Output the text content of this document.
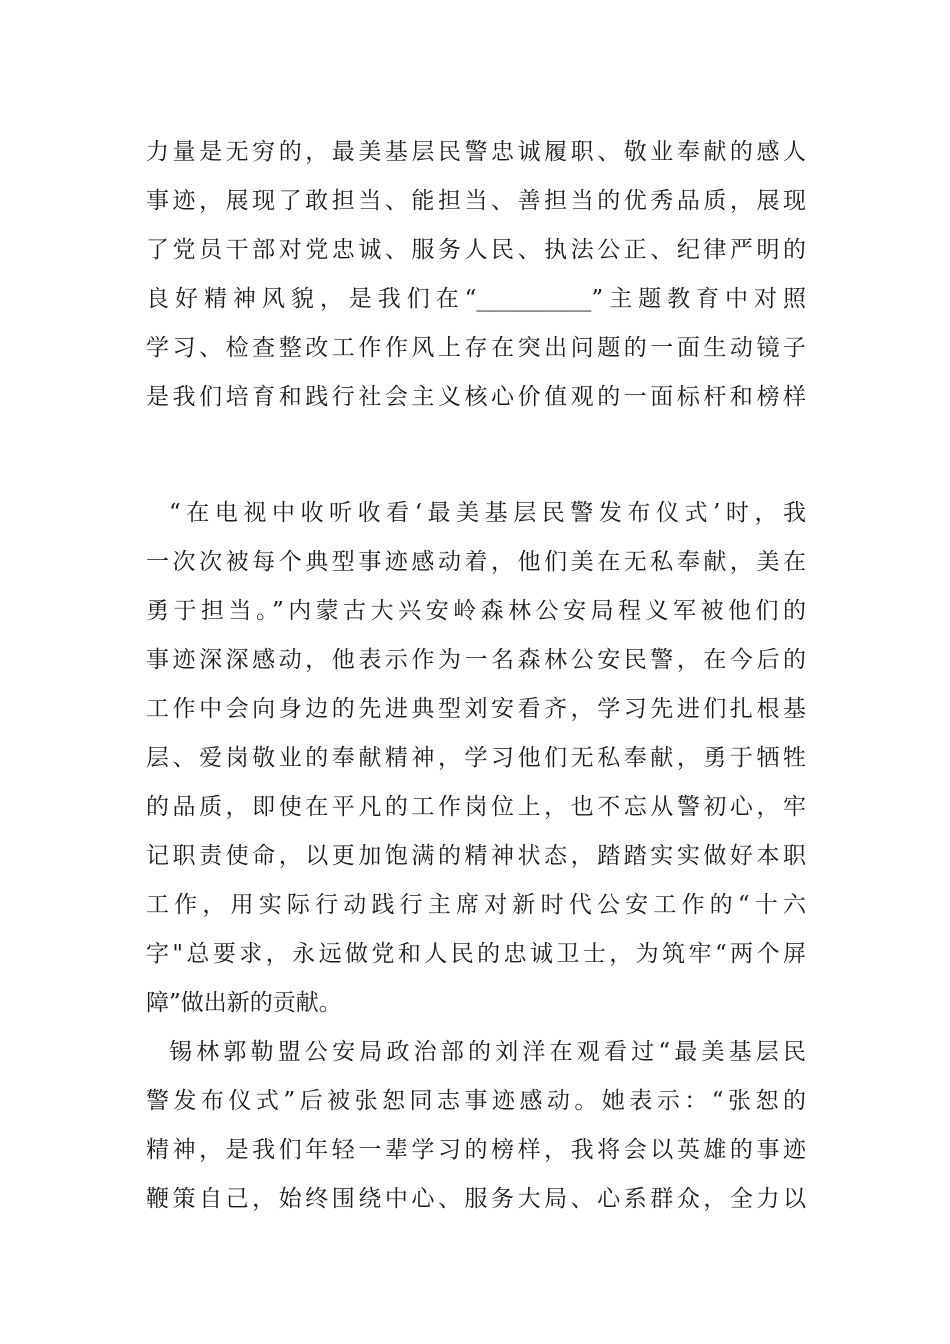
力量是无穷的，最美基层民警忠诚履职、敬业奉献的感人
事迹，展现了敢担当、能担当、善担当的优秀品质，展现
了党员干部对党忠诚、服务人民、执法公正、纪律严明的
良好精神风貌，是我们在“__________”主题教育中对照
学习、检查整改工作作风上存在突出问题的一面生动镜子
是我们培育和践行社会主义核心价值观的一面标杆和榜样
“在电视中收听收看‘最美基层民警发布仪式’时，我
一次次被每个典型事迹感动着，他们美在无私奉献，美在
勇于担当。”内蒙古大兴安岭森林公安局程义军被他们的
事迹深深感动，他表示作为一名森林公安民警，在今后的
工作中会向身边的先进典型刘安看齐，学习先进们扎根基
层、爱岗敬业的奉献精神，学习他们无私奉献，勇于牺牲
的品质，即使在平凡的工作岗位上，也不忘从警初心，牢
记职责使命，以更加饱满的精神状态，踏踏实实做好本职
工作，用实际行动践行主席对新时代公安工作的“十六
字"总要求，永远做党和人民的忠诚卫士，为筑牢“两个屏
障”做出新的贡献。
锡林郭勒盟公安局政治部的刘洋在观看过“最美基层民
警发布仪式”后被张恕同志事迹感动。她表示：“张恕的
精神，是我们年轻一辈学习的榜样，我将会以英雄的事迹
鞭策自己，始终围绕中心、服务大局、心系群众，全力以
